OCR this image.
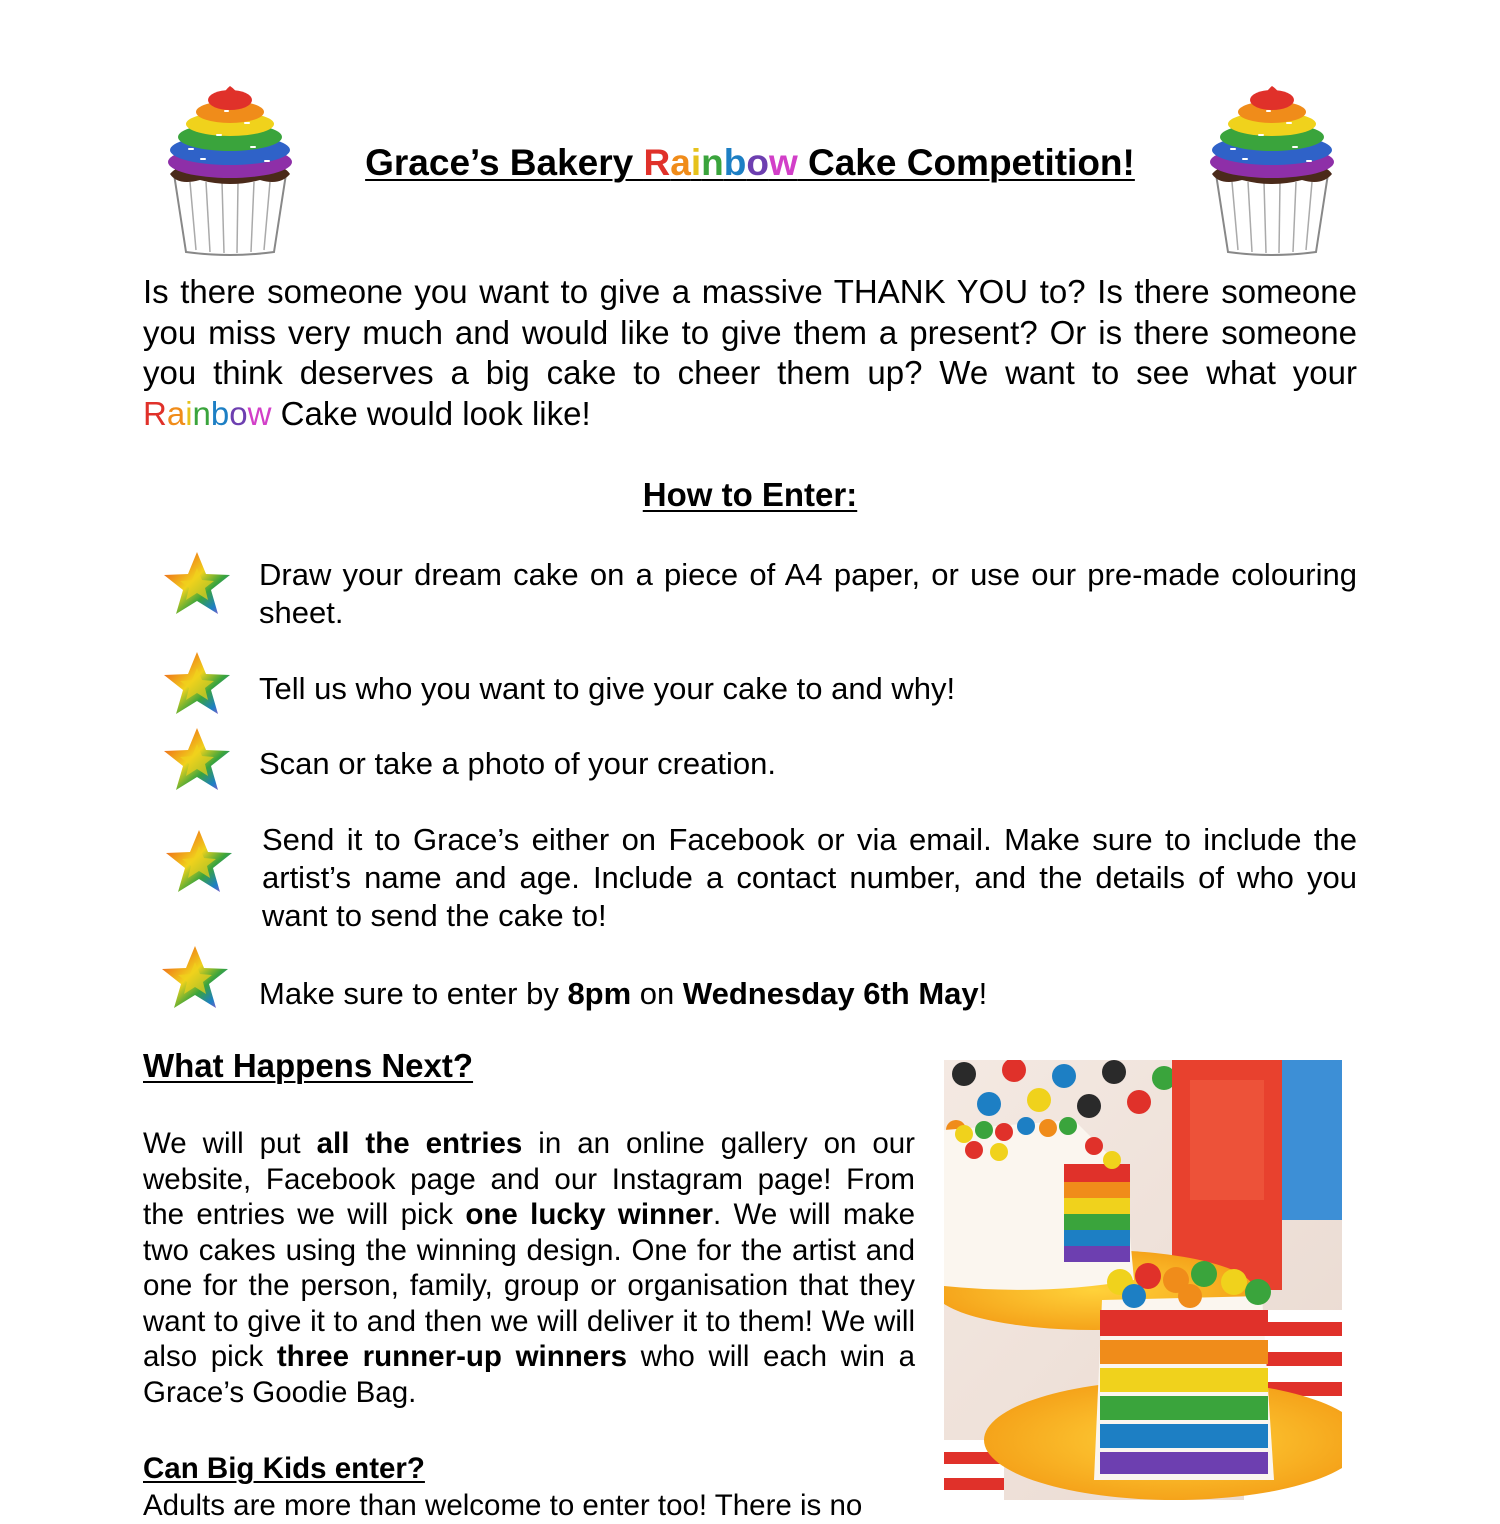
Grace’s Bakery Rainbow Cake Competition!
Is there someone you want to give a massive THANK YOU to? Is there someone you miss very much and would like to give them a present? Or is there someone you think deserves a big cake to cheer them up? We want to see what your Rainbow Cake would look like!
How to Enter:
Draw your dream cake on a piece of A4 paper, or use our pre-made colouring sheet.
Tell us who you want to give your cake to and why!
Scan or take a photo of your creation.
Send it to Grace’s either on Facebook or via email. Make sure to include the artist’s name and age. Include a contact number, and the details of who you want to send the cake to!
Make sure to enter by 8pm on Wednesday 6th May!
What Happens Next?
We will put all the entries in an online gallery on our website, Facebook page and our Instagram page! From the entries we will pick one lucky winner. We will make two cakes using the winning design. One for the artist and one for the person, family, group or organisation that they want to give it to and then we will deliver it to them! We will also pick three runner-up winners who will each win a Grace’s Goodie Bag.
Can Big Kids enter?
Adults are more than welcome to enter too! There is no
